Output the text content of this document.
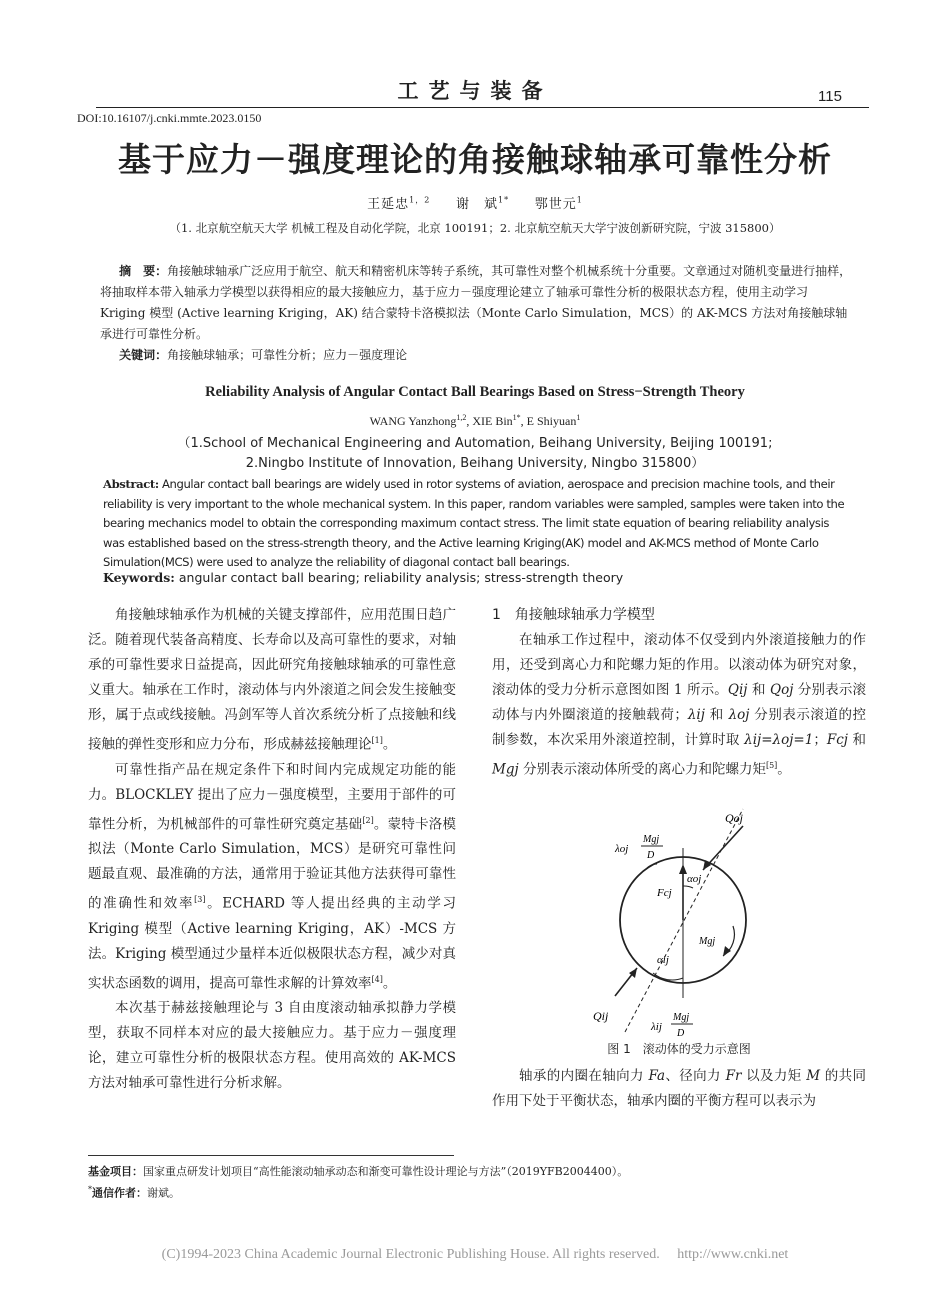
工艺与装备	115
DOI:10.16107/j.cnki.mmte.2023.0150
基于应力－强度理论的角接触球轴承可靠性分析
王延忠$^{1,2}$ 谢　斌$^{1*}$ 鄂世元$^1$
（1. 北京航空航天大学 机械工程及自动化学院，北京 100191；2. 北京航空航天大学宁波创新研究院，宁波 315800）
摘　要：角接触球轴承广泛应用于航空、航天和精密机床等转子系统，其可靠性对整个机械系统十分重要。文章通过对随机变量进行抽样，将抽取样本带入轴承力学模型以获得相应的最大接触应力，基于应力－强度理论建立了轴承可靠性分析的极限状态方程，使用主动学习 Kriging 模型 (Active learning Kriging，AK) 结合蒙特卡洛模拟法（Monte Carlo Simulation，MCS）的 AK-MCS 方法对角接触球轴承进行可靠性分析。
关键词：角接触球轴承；可靠性分析；应力－强度理论
Reliability Analysis of Angular Contact Ball Bearings Based on Stress−Strength Theory
WANG Yanzhong$^{1,2}$, XIE Bin$^{1*}$, E Shiyuan$^1$
（1.School of Mechanical Engineering and Automation, Beihang University, Beijing 100191;
2.Ningbo Institute of Innovation, Beihang University, Ningbo 315800）
Abstract: Angular contact ball bearings are widely used in rotor systems of aviation, aerospace and precision machine tools, and their reliability is very important to the whole mechanical system. In this paper, random variables were sampled, samples were taken into the bearing mechanics model to obtain the corresponding maximum contact stress. The limit state equation of bearing reliability analysis was established based on the stress-strength theory, and the Active learning Kriging(AK) model and AK-MCS method of Monte Carlo Simulation(MCS) were used to analyze the reliability of diagonal contact ball bearings.
Keywords: angular contact ball bearing; reliability analysis; stress-strength theory

角接触球轴承作为机械的关键支撑部件，应用范围日趋广泛。随着现代装备高精度、长寿命以及高可靠性的要求，对轴承的可靠性要求日益提高，因此研究角接触球轴承的可靠性意义重大。轴承在工作时，滚动体与内外滚道之间会发生接触变形，属于点或线接触。冯剑军等人首次系统分析了点接触和线接触的弹性变形和应力分布，形成赫兹接触理论[1]。

可靠性指产品在规定条件下和时间内完成规定功能的能力。BLOCKLEY 提出了应力－强度模型，主要用于部件的可靠性分析，为机械部件的可靠性研究奠定基础[2]。蒙特卡洛模拟法（Monte Carlo Simulation，MCS）是研究可靠性问题最直观、最准确的方法，通常用于验证其他方法获得可靠性的准确性和效率[3]。ECHARD 等人提出经典的主动学习 Kriging 模型（Active learning Kriging，AK）-MCS 方法。Kriging 模型通过少量样本近似极限状态方程，减少对真实状态函数的调用，提高可靠性求解的计算效率[4]。

本次基于赫兹接触理论与 3 自由度滚动轴承拟静力学模型，获取不同样本对应的最大接触应力。基于应力－强度理论，建立可靠性分析的极限状态方程。使用高效的 AK-MCS 方法对轴承可靠性进行分析求解。

1　角接触球轴承力学模型

在轴承工作过程中，滚动体不仅受到内外滚道接触力的作用，还受到离心力和陀螺力矩的作用。以滚动体为研究对象，滚动体的受力分析示意图如图 1 所示。Qij 和 Qoj 分别表示滚动体与内外圈滚道的接触载荷；λij 和 λoj 分别表示滚道的控制参数，本次采用外滚道控制，计算时取 λij=λoj=1；Fcj 和 Mgj 分别表示滚动体所受的离心力和陀螺力矩[5]。

Qoj
Qij
λoj
Mgj
D
λij
Mgj
D
αoj
Fcj
αij
Mgj
图 1　滚动体的受力示意图

轴承的内圈在轴向力 Fa、径向力 Fr 以及力矩 M 的共同作用下处于平衡状态，轴承内圈的平衡方程可以表示为

基金项目：国家重点研发计划项目“高性能滚动轴承动态和渐变可靠性设计理论与方法”（2019YFB2004400）。
*通信作者：谢斌。
(C)1994-2023 China Academic Journal Electronic Publishing House. All rights reserved.　 http://www.cnki.net
